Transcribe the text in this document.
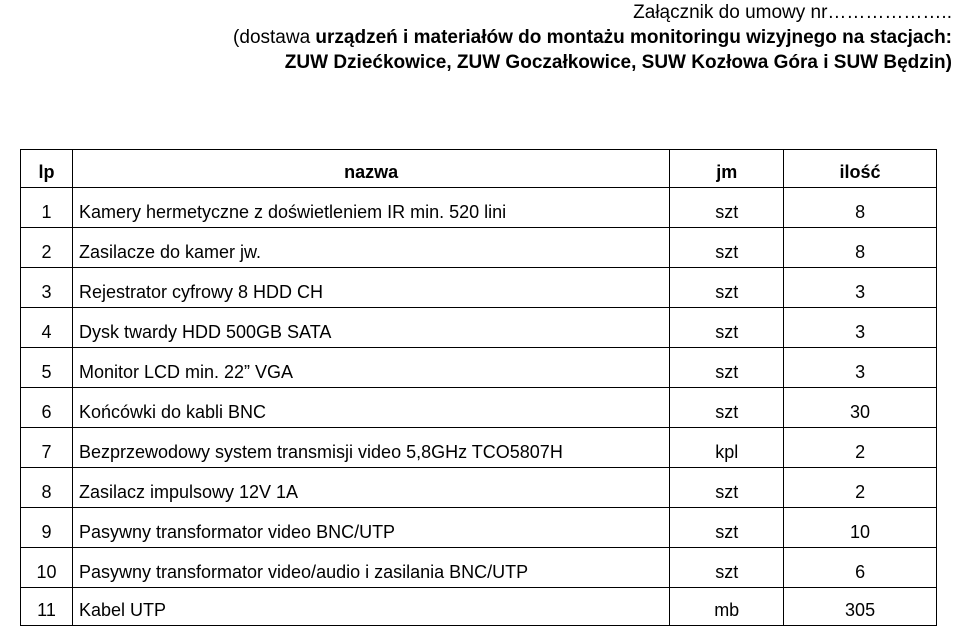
Załącznik do umowy nr………………..
(dostawa urządzeń i materiałów do montażu monitoringu wizyjnego na stacjach:
ZUW Dziećkowice, ZUW Goczałkowice, SUW Kozłowa Góra i SUW Będzin)
lp	nazwa	jm	ilość
1	Kamery hermetyczne z doświetleniem IR min. 520 lini	szt	8
2	Zasilacze do kamer jw.	szt	8
3	Rejestrator cyfrowy 8 HDD CH	szt	3
4	Dysk twardy HDD 500GB SATA	szt	3
5	Monitor LCD min. 22” VGA	szt	3
6	Końcówki do kabli BNC	szt	30
7	Bezprzewodowy system transmisji video 5,8GHz TCO5807H	kpl	2
8	Zasilacz impulsowy 12V 1A	szt	2
9	Pasywny transformator video BNC/UTP	szt	10
10	Pasywny transformator video/audio i zasilania BNC/UTP	szt	6
11	Kabel UTP	mb	305
